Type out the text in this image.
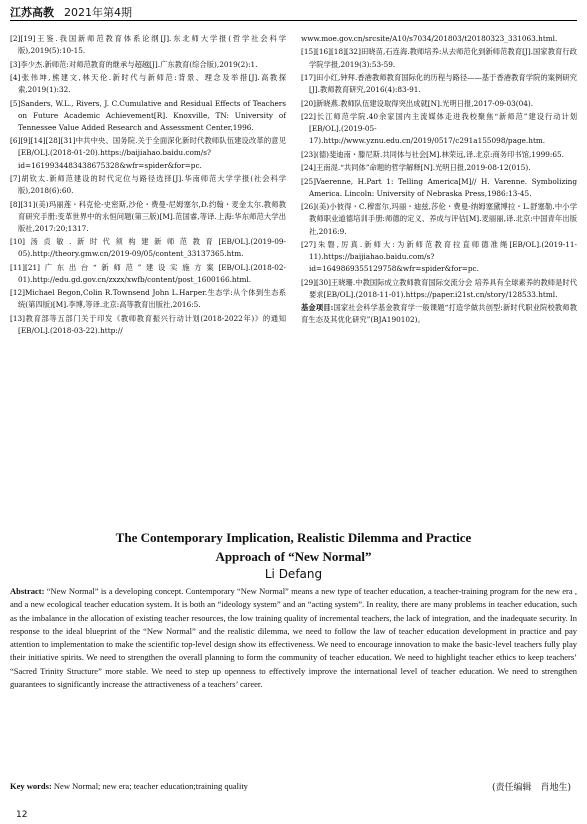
江苏高教 2021年第4期

[2][19]王鉴.我国新师范教育体系论纲[J].东北师大学报(哲学社会科学版),2019(5):10-15.

[3]李少杰.新师范:对师范教育的继承与超越[J].广东教育(综合版),2019(2):1.

[4]张伟坤,熊建文,林天伦.新时代与新师范:背景、理念及举措[J].高教探索,2019(1):32.

[5]Sanders, W.L., Rivers, J. C.Cumulative and Residual Effects of Teachers on Future Academic Achievement[R]. Knoxville, TN: University of Tennessee Value Added Research and Assessment Center,1996.

[6][9][14][28][31]中共中央、国务院.关于全面深化新时代教师队伍建设改革的意见[EB/OL].(2018-01-20).https://baijiahao.baidu.com/s? id=1619934483438675328&wfr=spider&for=pc.

[7]胡钦太.新师范建设的时代定位与路径选择[J].华南师范大学学报(社会科学版),2018(6):60.

[8][31](美)玛丽莲・科克伦-史密斯,沙伦・费曼-尼姆塞尔,D.约翰・麦金太尔.教师教育研究手册:变革世界中的永恒问题(第三版)[M].范国睿,等译.上海:华东师范大学出版社,2017:20;1317.

[10]汤贞敏.新时代须构建新师范教育[EB/OL].(2019-09-05).http://theory.gmw.cn/2019-09/05/content_33137365.htm.

[11][21]广东出台“新师范”建设实施方案[EB/OL].(2018-02-01).http://edu.gd.gov.cn/zxzx/xwfb/content/post_1600166.html.

[12]Michael Begon,Colin R.Townsend John L.Harper.生态学:从个体到生态系统(第四版)[M].李博,等译.北京:高等教育出版社,2016:5.

[13]教育部等五部门关于印发《教师教育振兴行动计划(2018-2022年)》的通知[EB/OL].(2018-03-22).http://

www.moe.gov.cn/srcsite/A10/s7034/201803/t20180323_331063.html.

[15][16][18][32]田晓苗,石连海.教师培养:从去师范化到新师范教育[J].国家教育行政学院学报,2019(3):53-59.

[17]田小红,钟拜.香港教师教育国际化的历程与路径——基于香港教育学院的案例研究[J].教师教育研究,2016(4):83-91.

[20]新晓燕.教师队伍建设取得突出成就[N].光明日报,2017-09-03(04).

[22]长江师范学院.40余家国内主流媒体走进我校聚焦“新师范”建设行动计划[EB/OL].(2019-05-17).http://www.yznu.edu.cn/2019/0517/c291a155098/page.htm.

[23](德)斐迪南・滕尼斯.共同体与社会[M].林荣远,译.北京:商务印书馆,1999:65.

[24]王南湜.“共同体”命题的哲学解释[N].光明日报,2019-08-12(015).

[25]Vaerenne, H.Part 1: Telling America[M]// H. Varenne. Symbolizing America. Lincoln: University of Nebraska Press,1986:13-45.

[26](美)小彼得・C.穆雷尔,玛丽・迪兹,莎伦・费曼-纳姆塞黛博拉・L.舒塞勒.中小学教师职业道德培训手册:师德的定义、养成与评估[M].麦丽丽,译.北京:中国青年出版社,2016:9.

[27]朱磐,厉真.新师大:为新师范教育拉直师德准绳[EB/OL].(2019-11-11).https://baijiahao.baidu.com/s? id=1649869355129758&wfr=spider&for=pc.

[29][30]王晓珊.中教国际成立教师教育国际交流分会 培养具有全球素养的教师是时代要求[EB/OL].(2018-11-01).https://paper.i21st.cn/story/128533.html.

基金项目:国家社会科学基金教育学一般课题“打造学做共创型:新时代职业院校教师教育生态及其优化研究”(BJA190102)。
The Contemporary Implication, Realistic Dilemma and Practice
Approach of “New Normal”
Li Defang
Abstract: “New Normal” is a developing concept. Contemporary “New Normal” means a new type of teacher education, a teacher-training program for the new era , and a new ecological teacher education system. It is both an “ideology system” and an “acting system”. In reality, there are many problems in teacher education, such as the imbalance in the allocation of existing teacher resources, the low training quality of incremental teachers, the lack of integration, and the inadequate security. In response to the ideal blueprint of the “New Normal” and the realistic dilemma, we need to follow the law of teacher education development in practice and pay attention to implementation to make the scientific top-level design show its effectiveness. We need to encourage innovation to make the basic-level teachers fully play their initiative spirits. We need to strengthen the overall planning to form the community of teacher education. We need to highlight teacher ethics to keep teachers’ “Sacred Trinity Structure” more stable. We need to step up openness to effectively improve the international level of teacher education. We need to strengthen guarantees to significantly increase the attractiveness of a teachers’ career.
Key words: New Normal; new era; teacher education;training quality	(责任编辑　肖地生)
12
